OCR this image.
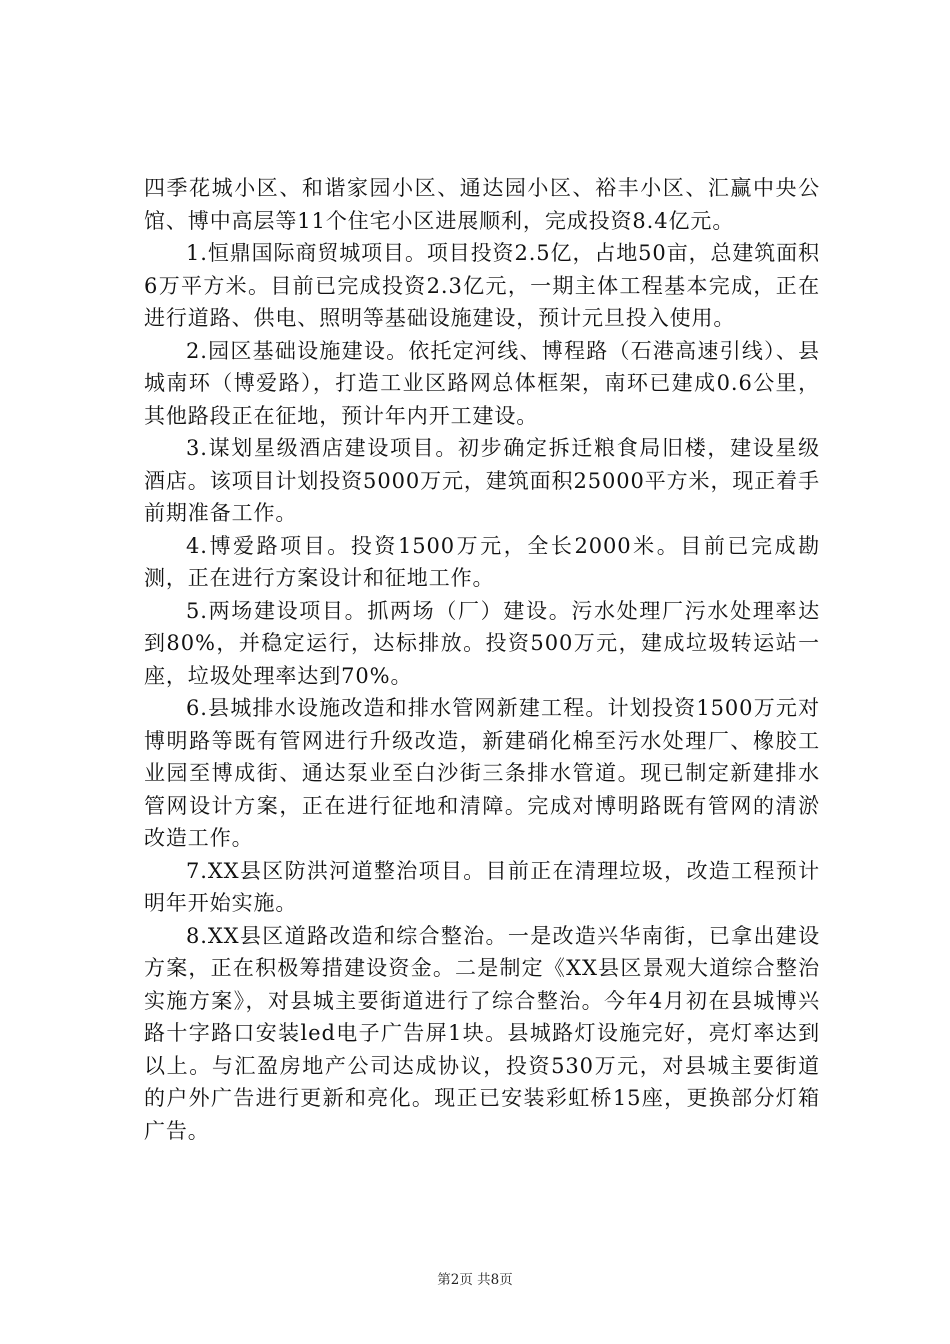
四季花城小区、和谐家园小区、通达园小区、裕丰小区、汇赢中央公馆、博中高层等11个住宅小区进展顺利，完成投资8.4亿元。

1.恒鼎国际商贸城项目。项目投资2.5亿，占地50亩，总建筑面积6万平方米。目前已完成投资2.3亿元，一期主体工程基本完成，正在进行道路、供电、照明等基础设施建设，预计元旦投入使用。

2.园区基础设施建设。依托定河线、博程路（石港高速引线）、县城南环（博爱路），打造工业区路网总体框架，南环已建成0.6公里，其他路段正在征地，预计年内开工建设。

3.谋划星级酒店建设项目。初步确定拆迁粮食局旧楼，建设星级酒店。该项目计划投资5000万元，建筑面积25000平方米，现正着手前期准备工作。

4.博爱路项目。投资1500万元，全长2000米。目前已完成勘测，正在进行方案设计和征地工作。

5.两场建设项目。抓两场（厂）建设。污水处理厂污水处理率达到80%，并稳定运行，达标排放。投资500万元，建成垃圾转运站一座，垃圾处理率达到70%。

6.县城排水设施改造和排水管网新建工程。计划投资1500万元对博明路等既有管网进行升级改造，新建硝化棉至污水处理厂、橡胶工业园至博成街、通达泵业至白沙街三条排水管道。现已制定新建排水管网设计方案，正在进行征地和清障。完成对博明路既有管网的清淤改造工作。

7.XX县区防洪河道整治项目。目前正在清理垃圾，改造工程预计明年开始实施。

8.XX县区道路改造和综合整治。一是改造兴华南街，已拿出建设方案，正在积极筹措建设资金。二是制定《XX县区景观大道综合整治实施方案》，对县城主要街道进行了综合整治。今年4月初在县城博兴路十字路口安装led电子广告屏1块。县城路灯设施完好，亮灯率达到以上。与汇盈房地产公司达成协议，投资530万元，对县城主要街道的户外广告进行更新和亮化。现正已安装彩虹桥15座，更换部分灯箱广告。

第2页 共8页
